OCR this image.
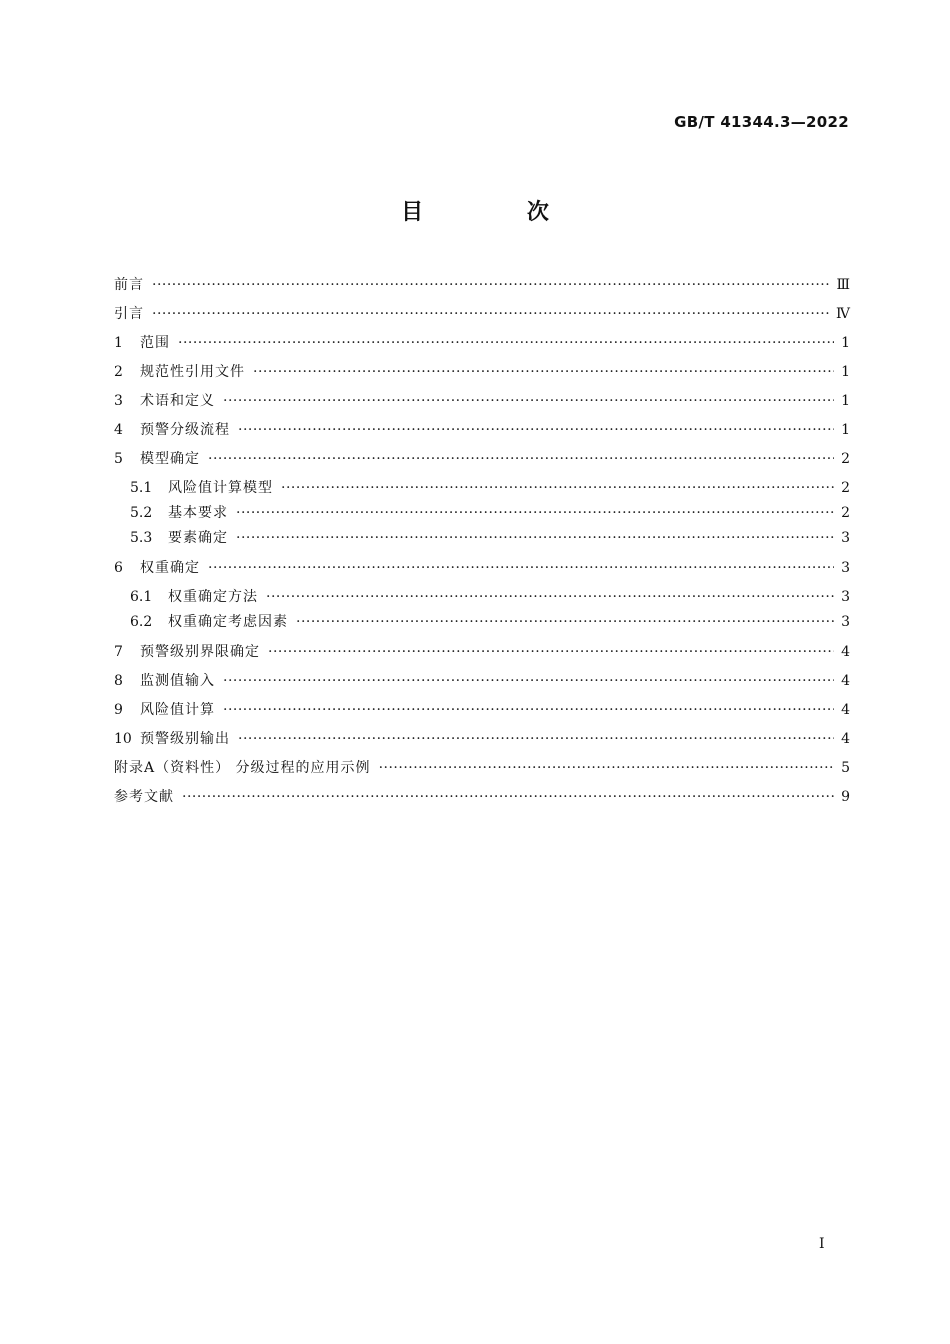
GB/T 41344.3—2022
目 次
前言 ·····	Ⅲ
引言 ·····	Ⅳ
1	范围 ·····	1
2	规范性引用文件 ·····	1
3	术语和定义 ·····	1
4	预警分级流程 ·····	1
5	模型确定 ·····	2
5.1	风险值计算模型 ·····	2
5.2	基本要求 ·····	2
5.3	要素确定 ·····	3
6	权重确定 ·····	3
6.1	权重确定方法 ·····	3
6.2	权重确定考虑因素 ·····	3
7	预警级别界限确定 ·····	4
8	监测值输入 ·····	4
9	风险值计算 ·····	4
10 预警级别输出 ·····	4
附录A（资料性） 分级过程的应用示例 ·····	5
参考文献 ·····	9
I
